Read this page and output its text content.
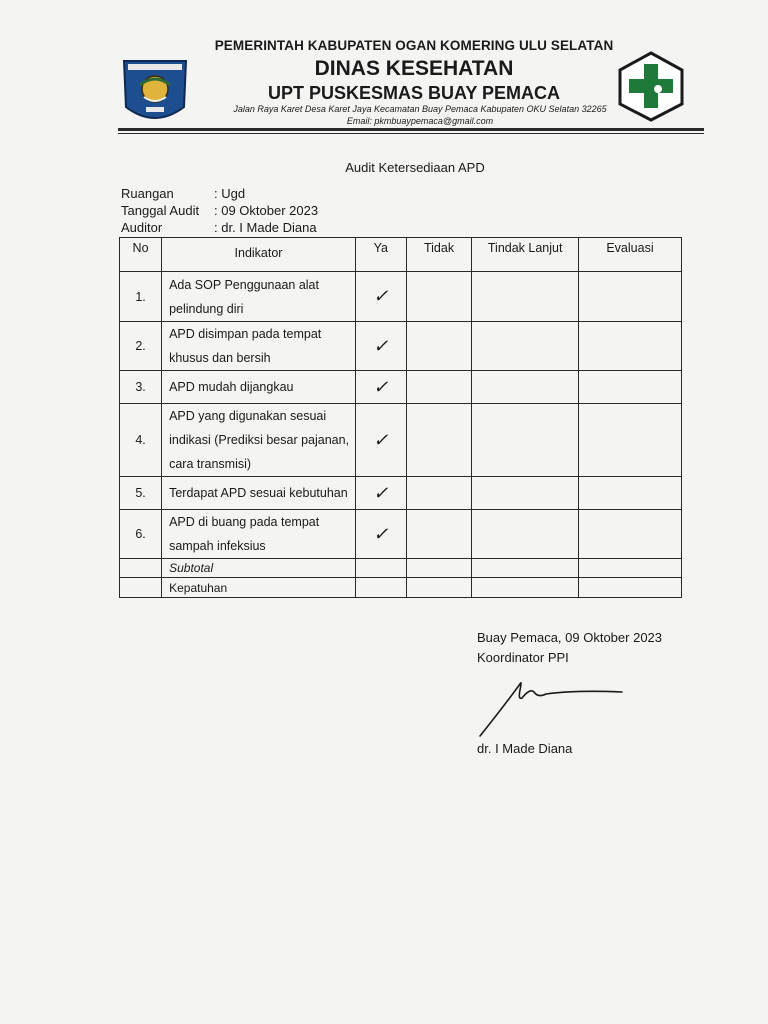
PEMERINTAH KABUPATEN OGAN KOMERING ULU SELATAN
DINAS KESEHATAN
UPT PUSKESMAS BUAY PEMACA
Jalan Raya Karet Desa Karet Jaya Kecamatan Buay Pemaca Kabupaten OKU Selatan 32265
Email: pkmbuaypemaca@gmail.com
Audit Ketersediaan APD
Ruangan	: Ugd
Tanggal Audit : 09 Oktober 2023
Auditor	: dr. I Made Diana
No	Indikator	Ya	Tidak	Tindak Lanjut	Evaluasi
1.	Ada SOP Penggunaan alat
pelindung diri	✓			
2.	APD disimpan pada tempat
khusus dan bersih	✓			
3.	APD mudah dijangkau	✓			
4.	APD yang digunakan sesuai
indikasi (Prediksi besar pajanan,
cara transmisi)	✓			
5.	Terdapat APD sesuai kebutuhan	✓			
6.	APD di buang pada tempat
sampah infeksius	✓			
	Subtotal				
	Kepatuhan				
Buay Pemaca, 09 Oktober 2023
Koordinator PPI
dr. I Made Diana
